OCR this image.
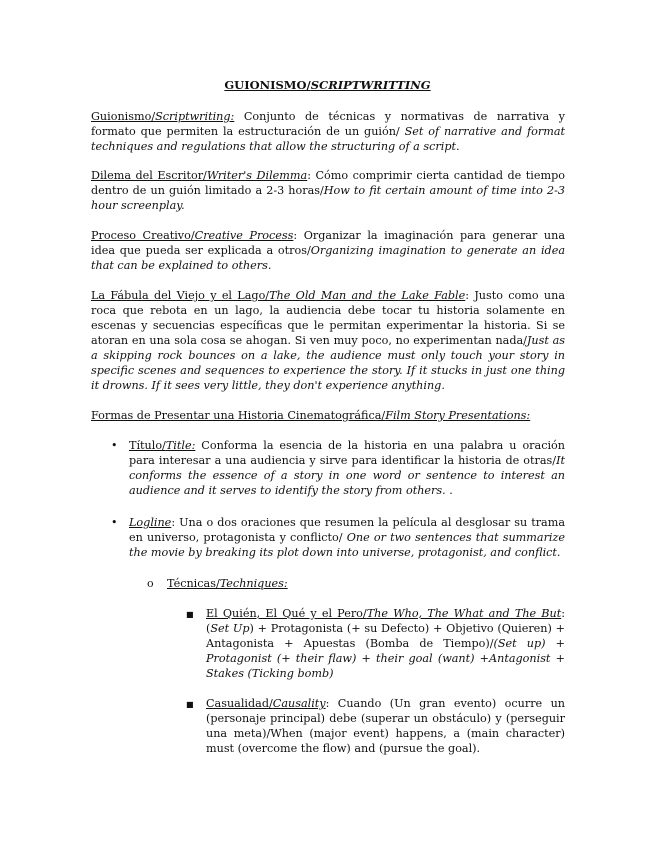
GUIONISMO/SCRIPTWRITTING
Guionismo/Scriptwriting: Conjunto de técnicas y normativas de narrativa y formato que permiten la estructuración de un guión/ Set of narrative and format techniques and regulations that allow the structuring of a script.
Dilema del Escritor/Writer's Dilemma: Cómo comprimir cierta cantidad de tiempo dentro de un guión limitado a 2-3 horas/How to fit certain amount of time into 2-3 hour screenplay.
Proceso Creativo/Creative Process: Organizar la imaginación para generar una idea que pueda ser explicada a otros/Organizing imagination to generate an idea that can be explained to others.
La Fábula del Viejo y el Lago/The Old Man and the Lake Fable: Justo como una roca que rebota en un lago, la audiencia debe tocar tu historia solamente en escenas y secuencias específicas que le permitan experimentar la historia. Si se atoran en una sola cosa se ahogan. Si ven muy poco, no experimentan nada/Just as a skipping rock bounces on a lake, the audience must only touch your story in specific scenes and sequences to experience the story. If it stucks in just one thing it drowns. If it sees very little, they don't experience anything.
Formas de Presentar una Historia Cinematográfica/Film Story Presentations:
• Título/Title: Conforma la esencia de la historia en una palabra u oración para interesar a una audiencia y sirve para identificar la historia de otras/It conforms the essence of a story in one word or sentence to interest an audience and it serves to identify the story from others. .
• Logline: Una o dos oraciones que resumen la película al desglosar su trama en universo, protagonista y conflicto/ One or two sentences that summarize the movie by breaking its plot down into universe, protagonist, and conflict.
o Técnicas/Techniques:
■ El Quién, El Qué y el Pero/The Who, The What and The But: (Set Up) + Protagonista (+ su Defecto) + Objetivo (Quieren) + Antagonista + Apuestas (Bomba de Tiempo)/(Set up) + Protagonist (+ their flaw) + their goal (want) +Antagonist + Stakes (Ticking bomb)
■ Casualidad/Causality: Cuando (Un gran evento) ocurre un (personaje principal) debe (superar un obstáculo) y (perseguir una meta)/When (major event) happens, a (main character) must (overcome the flow) and (pursue the goal).
